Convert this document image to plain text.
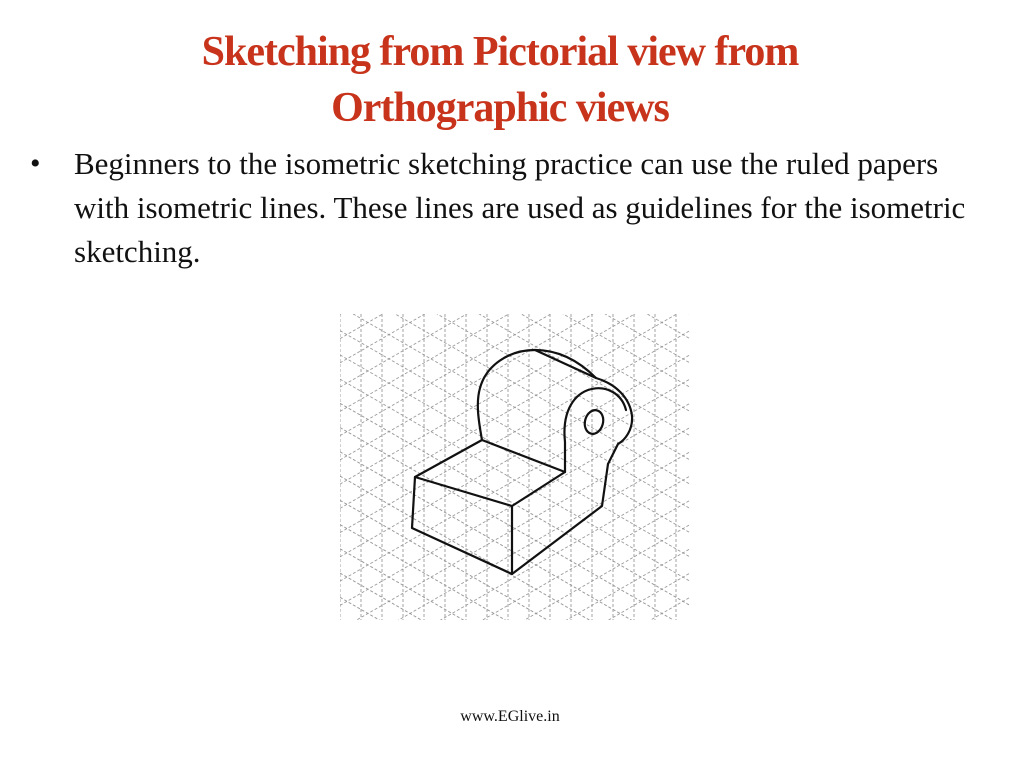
Sketching from Pictorial view from
Orthographic views
• Beginners to the isometric sketching practice can use the ruled papers with isometric lines. These lines are used as guidelines for the isometric sketching.
www.EGlive.in
